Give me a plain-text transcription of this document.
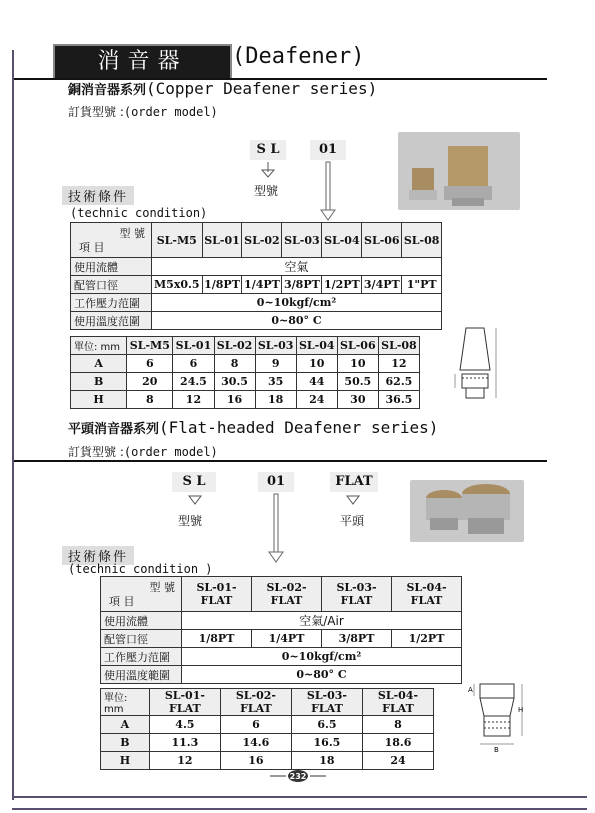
消音器	(Deafener)
銅消音器系列(Copper Deafener series)
訂貨型號 :(order model)
S L	01
型號
技術條件
(technic condition)
型 號
項 目	SL-M5	SL-01	SL-02	SL-03	SL-04	SL-06	SL-08
使用流體	空氣						
配管口徑	M5x0.5	1/8PT	1/4PT	3/8PT	1/2PT	3/4PT	1"PT
工作壓力范圍	0~10kgf/cm²						
使用溫度范圍	0~80° C						
單位: mm	SL-M5	SL-01	SL-02	SL-03	SL-04	SL-06	SL-08
A	6	6	8	9	10	10	12
B	20	24.5	30.5	35	44	50.5	62.5
H	8	12	16	18	24	30	36.5
平頭消音器系列(Flat-headed Deafener series)
訂貨型號 :(order model)
S L	01	FLAT
型號	平頭
技術條件
(technic condition )
型 號
項 目	SL-01-FLAT	SL-02-FLAT	SL-03-FLAT	SL-04-FLAT
使用流體	空氣/Air			
配管口徑	1/8PT	1/4PT	3/8PT	1/2PT
工作壓力范圍	0~10kgf/cm²			
使用溫度範圍	0~80° C			
單位: mm	SL-01-FLAT	SL-02-FLAT	SL-03-FLAT	SL-04-FLAT
A	4.5	6	6.5	8
B	11.3	14.6	16.5	18.6
H	12	16	18	24
A
H
B
232
